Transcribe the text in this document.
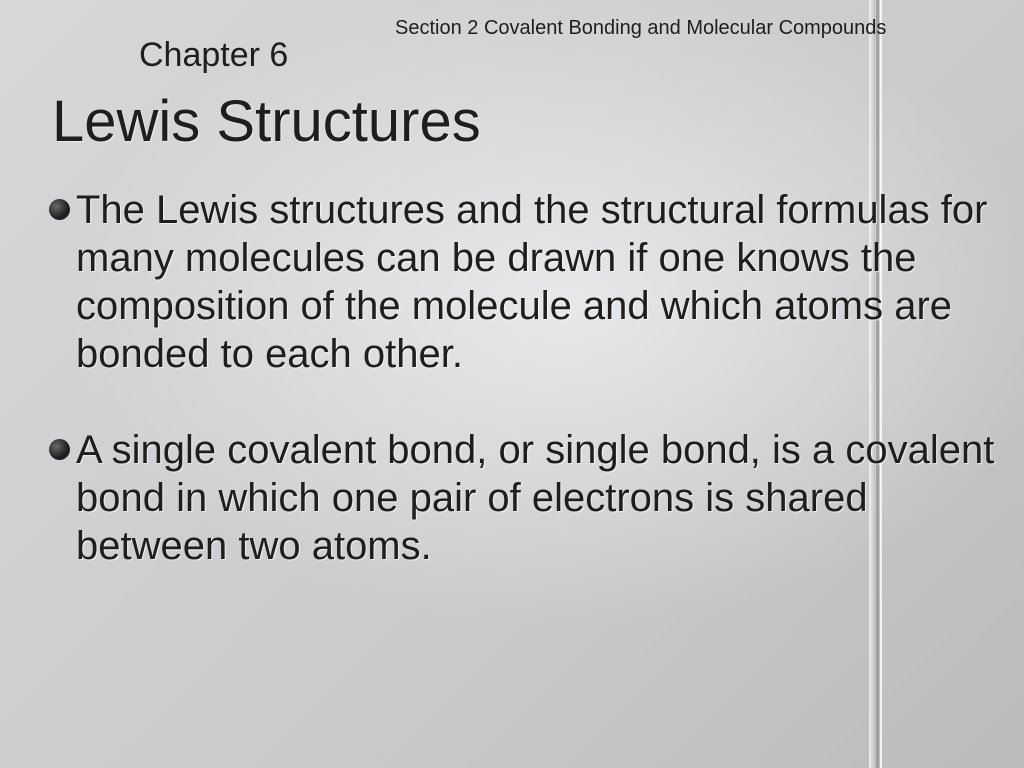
Section 2 Covalent Bonding and Molecular Compounds
Chapter 6
Lewis Structures
The Lewis structures and the structural formulas for many molecules can be drawn if one knows the composition of the molecule and which atoms are bonded to each other.
A single covalent bond, or single bond, is a covalent bond in which one pair of electrons is shared between two atoms.
